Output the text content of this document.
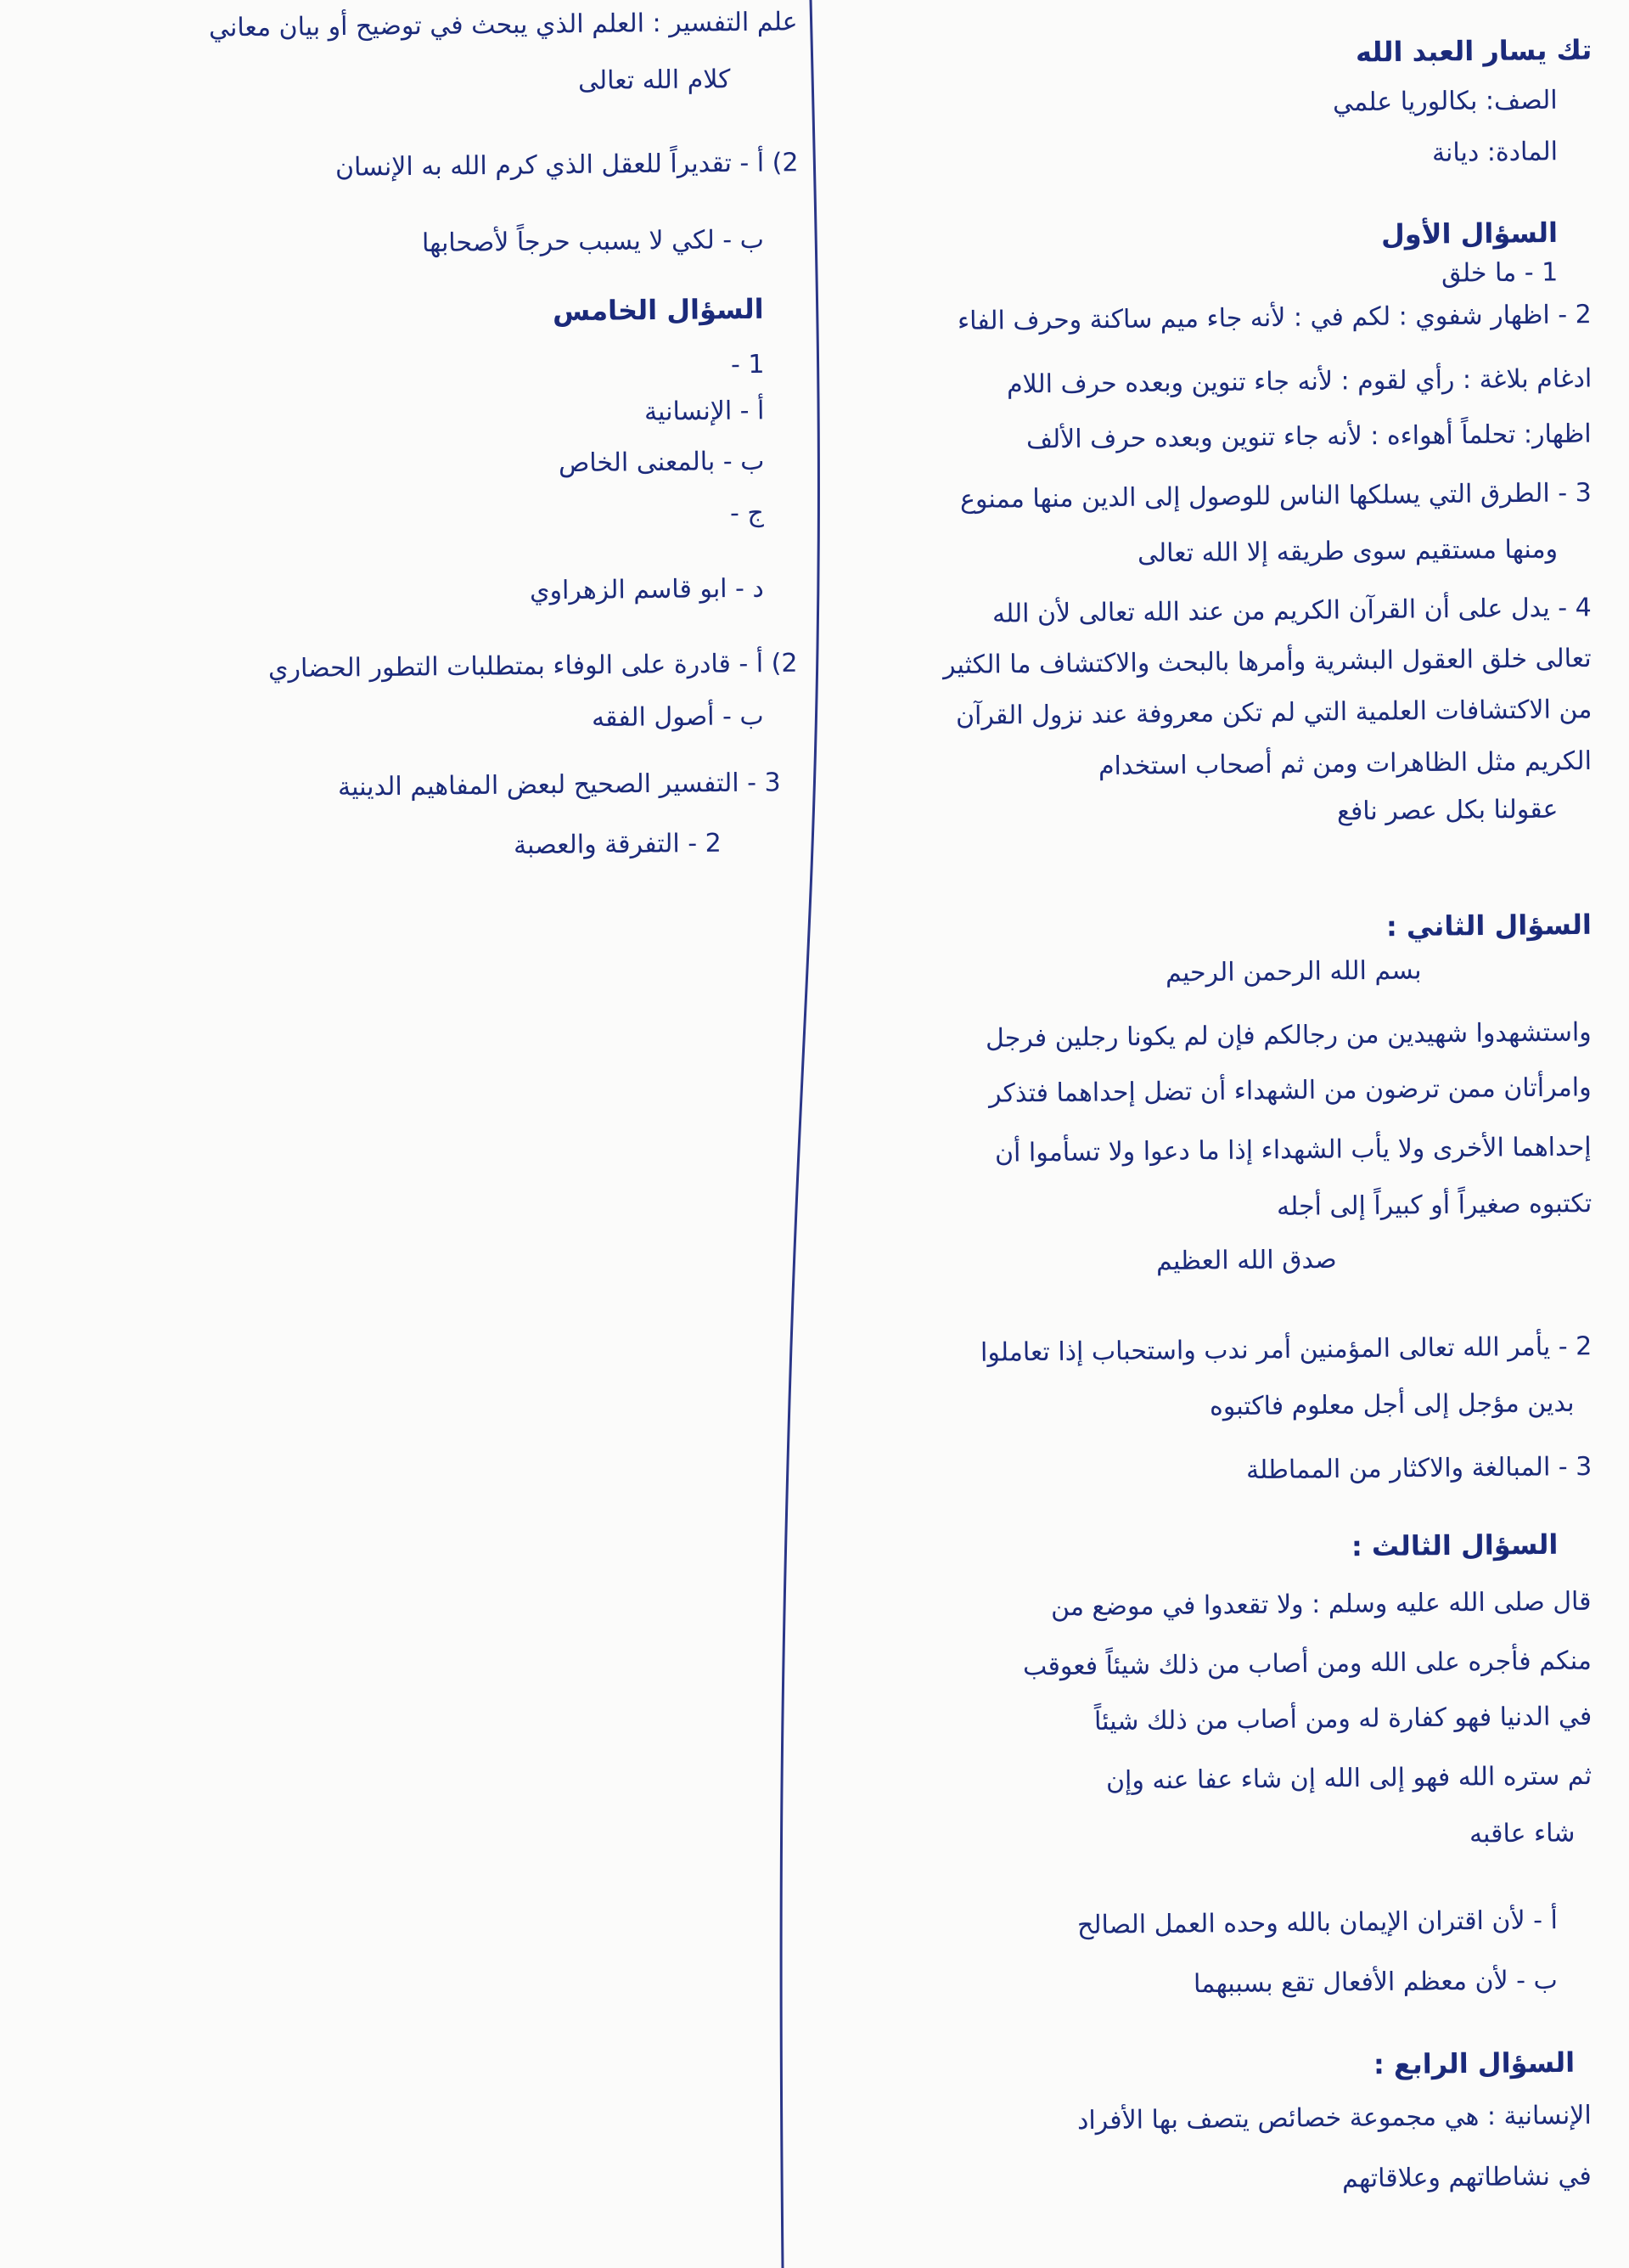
تك يسار العبد الله
الصف: بكالوريا علمي
المادة: ديانة
السؤال الأول
1 - ما خلق
2 - اظهار شفوي : لكم في : لأنه جاء ميم ساكنة وحرف الفاء
ادغام بلاغة : رأي لقوم : لأنه جاء تنوين وبعده حرف اللام
اظهار: تحلماً أهواءه : لأنه جاء تنوين وبعده حرف الألف
3 - الطرق التي يسلكها الناس للوصول إلى الدين منها ممنوع
ومنها مستقيم سوى طريقه إلا الله تعالى
4 - يدل على أن القرآن الكريم من عند الله تعالى لأن الله
تعالى خلق العقول البشرية وأمرها بالبحث والاكتشاف ما الكثير
من الاكتشافات العلمية التي لم تكن معروفة عند نزول القرآن
الكريم مثل الظاهرات ومن ثم أصحاب استخدام
عقولنا بكل عصر نافع
السؤال الثاني :
بسم الله الرحمن الرحيم
واستشهدوا شهيدين من رجالكم فإن لم يكونا رجلين فرجل
وامرأتان ممن ترضون من الشهداء أن تضل إحداهما فتذكر
إحداهما الأخرى ولا يأب الشهداء إذا ما دعوا ولا تسأموا أن
تكتبوه صغيراً أو كبيراً إلى أجله
صدق الله العظيم
2 - يأمر الله تعالى المؤمنين أمر ندب واستحباب إذا تعاملوا
بدين مؤجل إلى أجل معلوم فاكتبوه
3 - المبالغة والاكثار من المماطلة
السؤال الثالث :
قال صلى الله عليه وسلم : ولا تقعدوا في موضع من
منكم فأجره على الله ومن أصاب من ذلك شيئاً فعوقب
في الدنيا فهو كفارة له ومن أصاب من ذلك شيئاً
ثم ستره الله فهو إلى الله إن شاء عفا عنه وإن
شاء عاقبه
أ - لأن اقتران الإيمان بالله وحده العمل الصالح
ب - لأن معظم الأفعال تقع بسببهما
السؤال الرابع :
الإنسانية : هي مجموعة خصائص يتصف بها الأفراد
في نشاطاتهم وعلاقاتهم
علم التفسير : العلم الذي يبحث في توضيح أو بيان معاني
كلام الله تعالى
2) أ - تقديراً للعقل الذي كرم الله به الإنسان
ب - لكي لا يسبب حرجاً لأصحابها
السؤال الخامس
1 -
أ - الإنسانية
ب - بالمعنى الخاص
ج -
د - ابو قاسم الزهراوي
2) أ - قادرة على الوفاء بمتطلبات التطور الحضاري
ب - أصول الفقه
3 - التفسير الصحيح لبعض المفاهيم الدينية
2 - التفرقة والعصبة
